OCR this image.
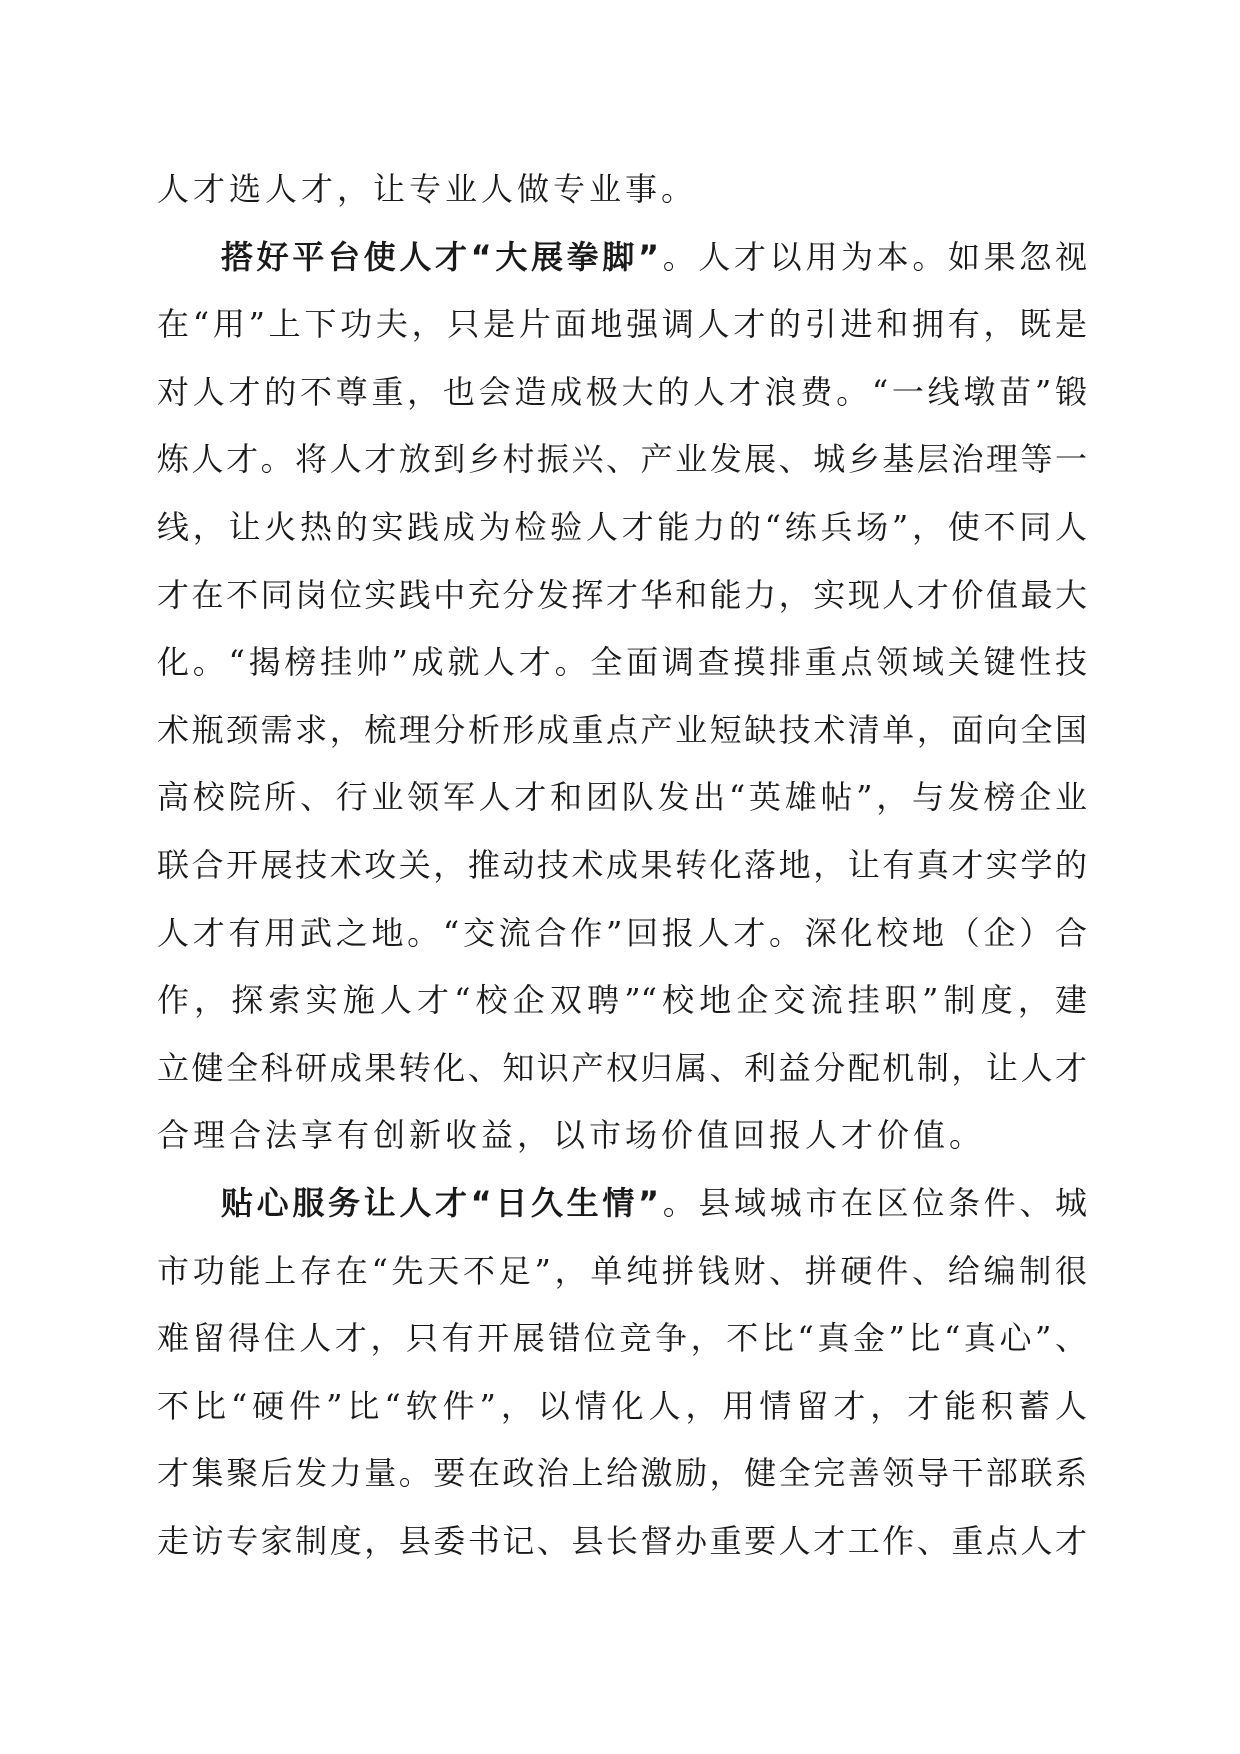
人才选人才，让专业人做专业事。
搭好平台使人才“大展拳脚”。人才以用为本。如果忽视
在“用”上下功夫，只是片面地强调人才的引进和拥有，既是
对人才的不尊重，也会造成极大的人才浪费。“一线墩苗”锻
炼人才。将人才放到乡村振兴、产业发展、城乡基层治理等一
线，让火热的实践成为检验人才能力的“练兵场”，使不同人
才在不同岗位实践中充分发挥才华和能力，实现人才价值最大
化。“揭榜挂帅”成就人才。全面调查摸排重点领域关键性技
术瓶颈需求，梳理分析形成重点产业短缺技术清单，面向全国
高校院所、行业领军人才和团队发出“英雄帖”，与发榜企业
联合开展技术攻关，推动技术成果转化落地，让有真才实学的
人才有用武之地。“交流合作”回报人才。深化校地（企）合
作，探索实施人才“校企双聘”“校地企交流挂职”制度，建
立健全科研成果转化、知识产权归属、利益分配机制，让人才
合理合法享有创新收益，以市场价值回报人才价值。
贴心服务让人才“日久生情”。县域城市在区位条件、城
市功能上存在“先天不足”，单纯拼钱财、拼硬件、给编制很
难留得住人才，只有开展错位竞争，不比“真金”比“真心”、
不比“硬件”比“软件”，以情化人，用情留才，才能积蓄人
才集聚后发力量。要在政治上给激励，健全完善领导干部联系
走访专家制度，县委书记、县长督办重要人才工作、重点人才
